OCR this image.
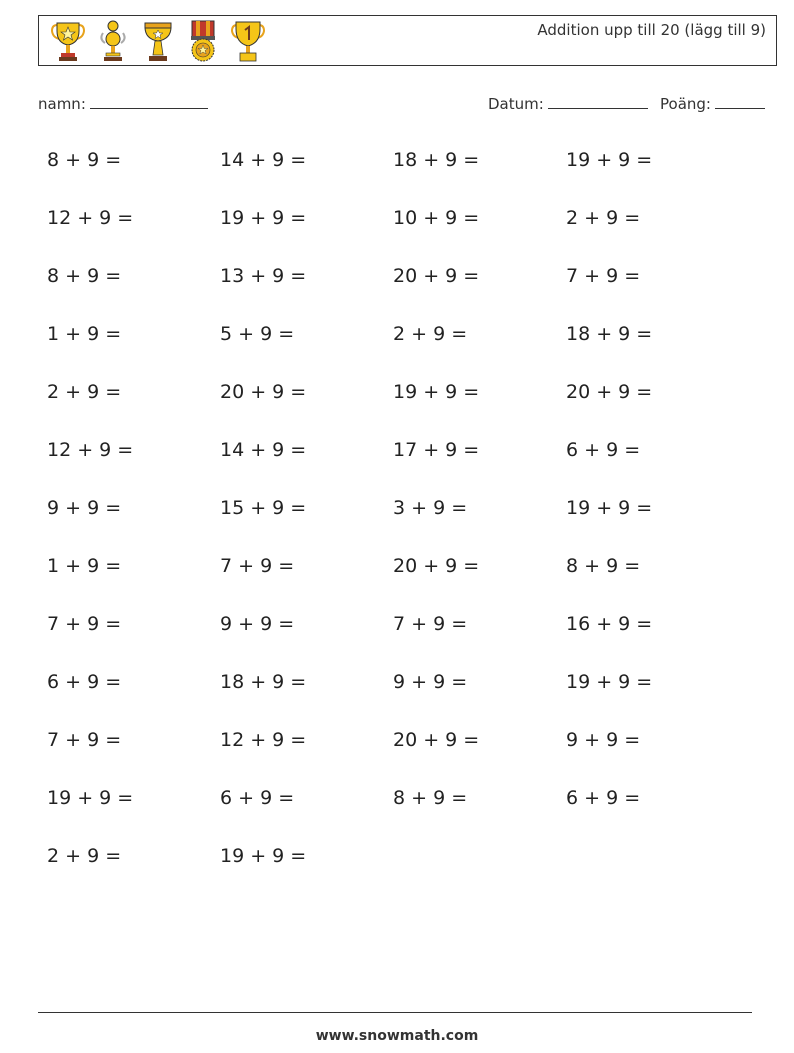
Addition upp till 20 (lägg till 9)
namn:	Datum:	Poäng:
8 + 9 =	14 + 9 =	18 + 9 =	19 + 9 =
12 + 9 =	19 + 9 =	10 + 9 =	2 + 9 =
8 + 9 =	13 + 9 =	20 + 9 =	7 + 9 =
1 + 9 =	5 + 9 =	2 + 9 =	18 + 9 =
2 + 9 =	20 + 9 =	19 + 9 =	20 + 9 =
12 + 9 =	14 + 9 =	17 + 9 =	6 + 9 =
9 + 9 =	15 + 9 =	3 + 9 =	19 + 9 =
1 + 9 =	7 + 9 =	20 + 9 =	8 + 9 =
7 + 9 =	9 + 9 =	7 + 9 =	16 + 9 =
6 + 9 =	18 + 9 =	9 + 9 =	19 + 9 =
7 + 9 =	12 + 9 =	20 + 9 =	9 + 9 =
19 + 9 =	6 + 9 =	8 + 9 =	6 + 9 =
2 + 9 =	19 + 9 =
www.snowmath.com
